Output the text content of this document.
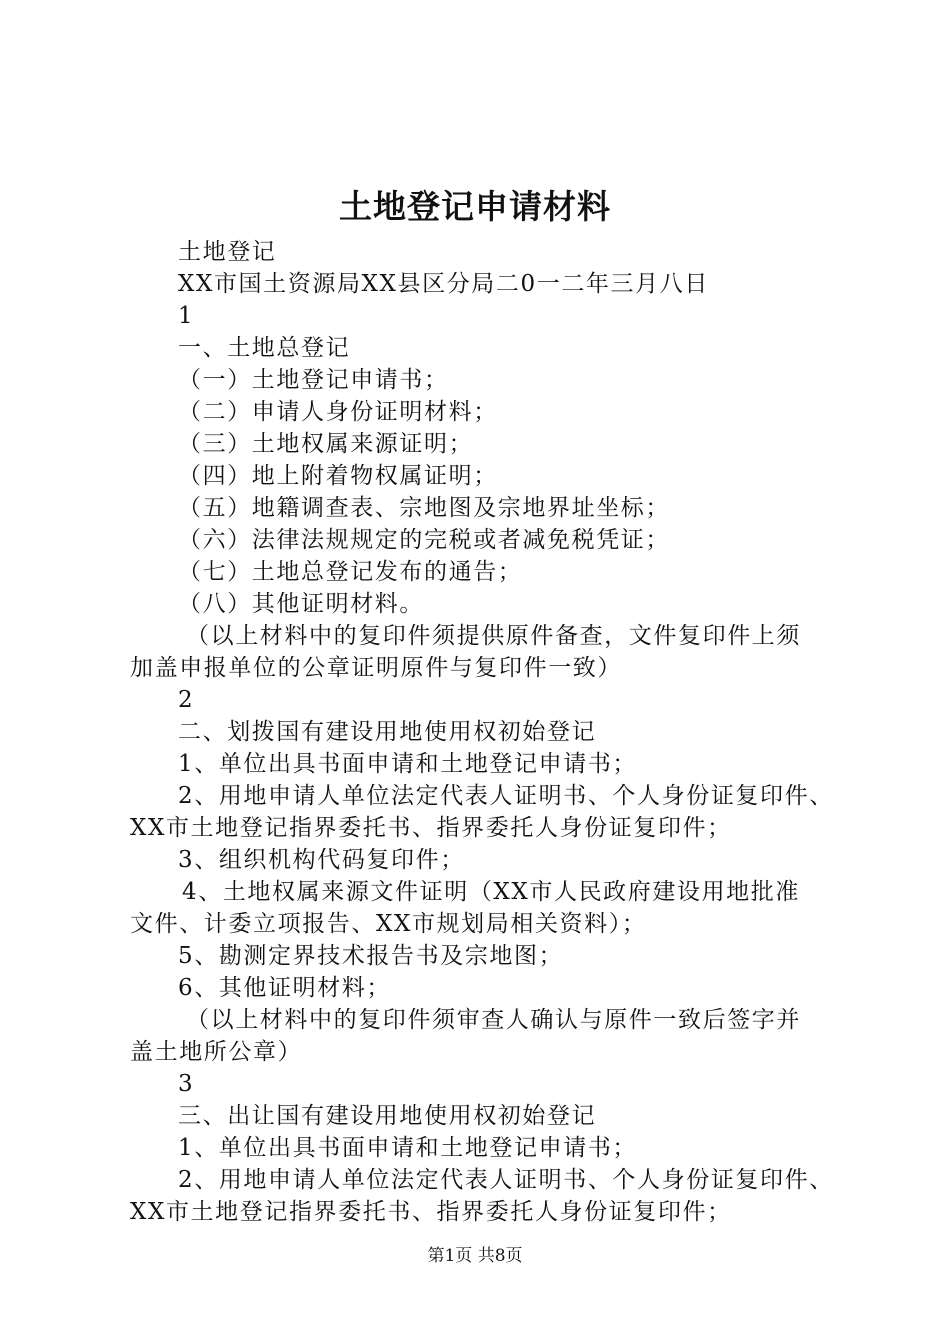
土地登记申请材料
土地登记
XX市国土资源局XX县区分局二0一二年三月八日
1
一、土地总登记
（一）土地登记申请书；
（二）申请人身份证明材料；
（三）土地权属来源证明；
（四）地上附着物权属证明；
（五）地籍调查表、宗地图及宗地界址坐标；
（六）法律法规规定的完税或者减免税凭证；
（七）土地总登记发布的通告；
（八）其他证明材料。
（以上材料中的复印件须提供原件备查，文件复印件上须
加盖申报单位的公章证明原件与复印件一致）
2
二、划拨国有建设用地使用权初始登记
1、单位出具书面申请和土地登记申请书；
2、用地申请人单位法定代表人证明书、个人身份证复印件、
XX市土地登记指界委托书、指界委托人身份证复印件；
3、组织机构代码复印件；
4、土地权属来源文件证明（XX市人民政府建设用地批准
文件、计委立项报告、XX市规划局相关资料）；
5、勘测定界技术报告书及宗地图；
6、其他证明材料；
（以上材料中的复印件须审查人确认与原件一致后签字并
盖土地所公章）
3
三、出让国有建设用地使用权初始登记
1、单位出具书面申请和土地登记申请书；
2、用地申请人单位法定代表人证明书、个人身份证复印件、
XX市土地登记指界委托书、指界委托人身份证复印件；
第1页 共8页
